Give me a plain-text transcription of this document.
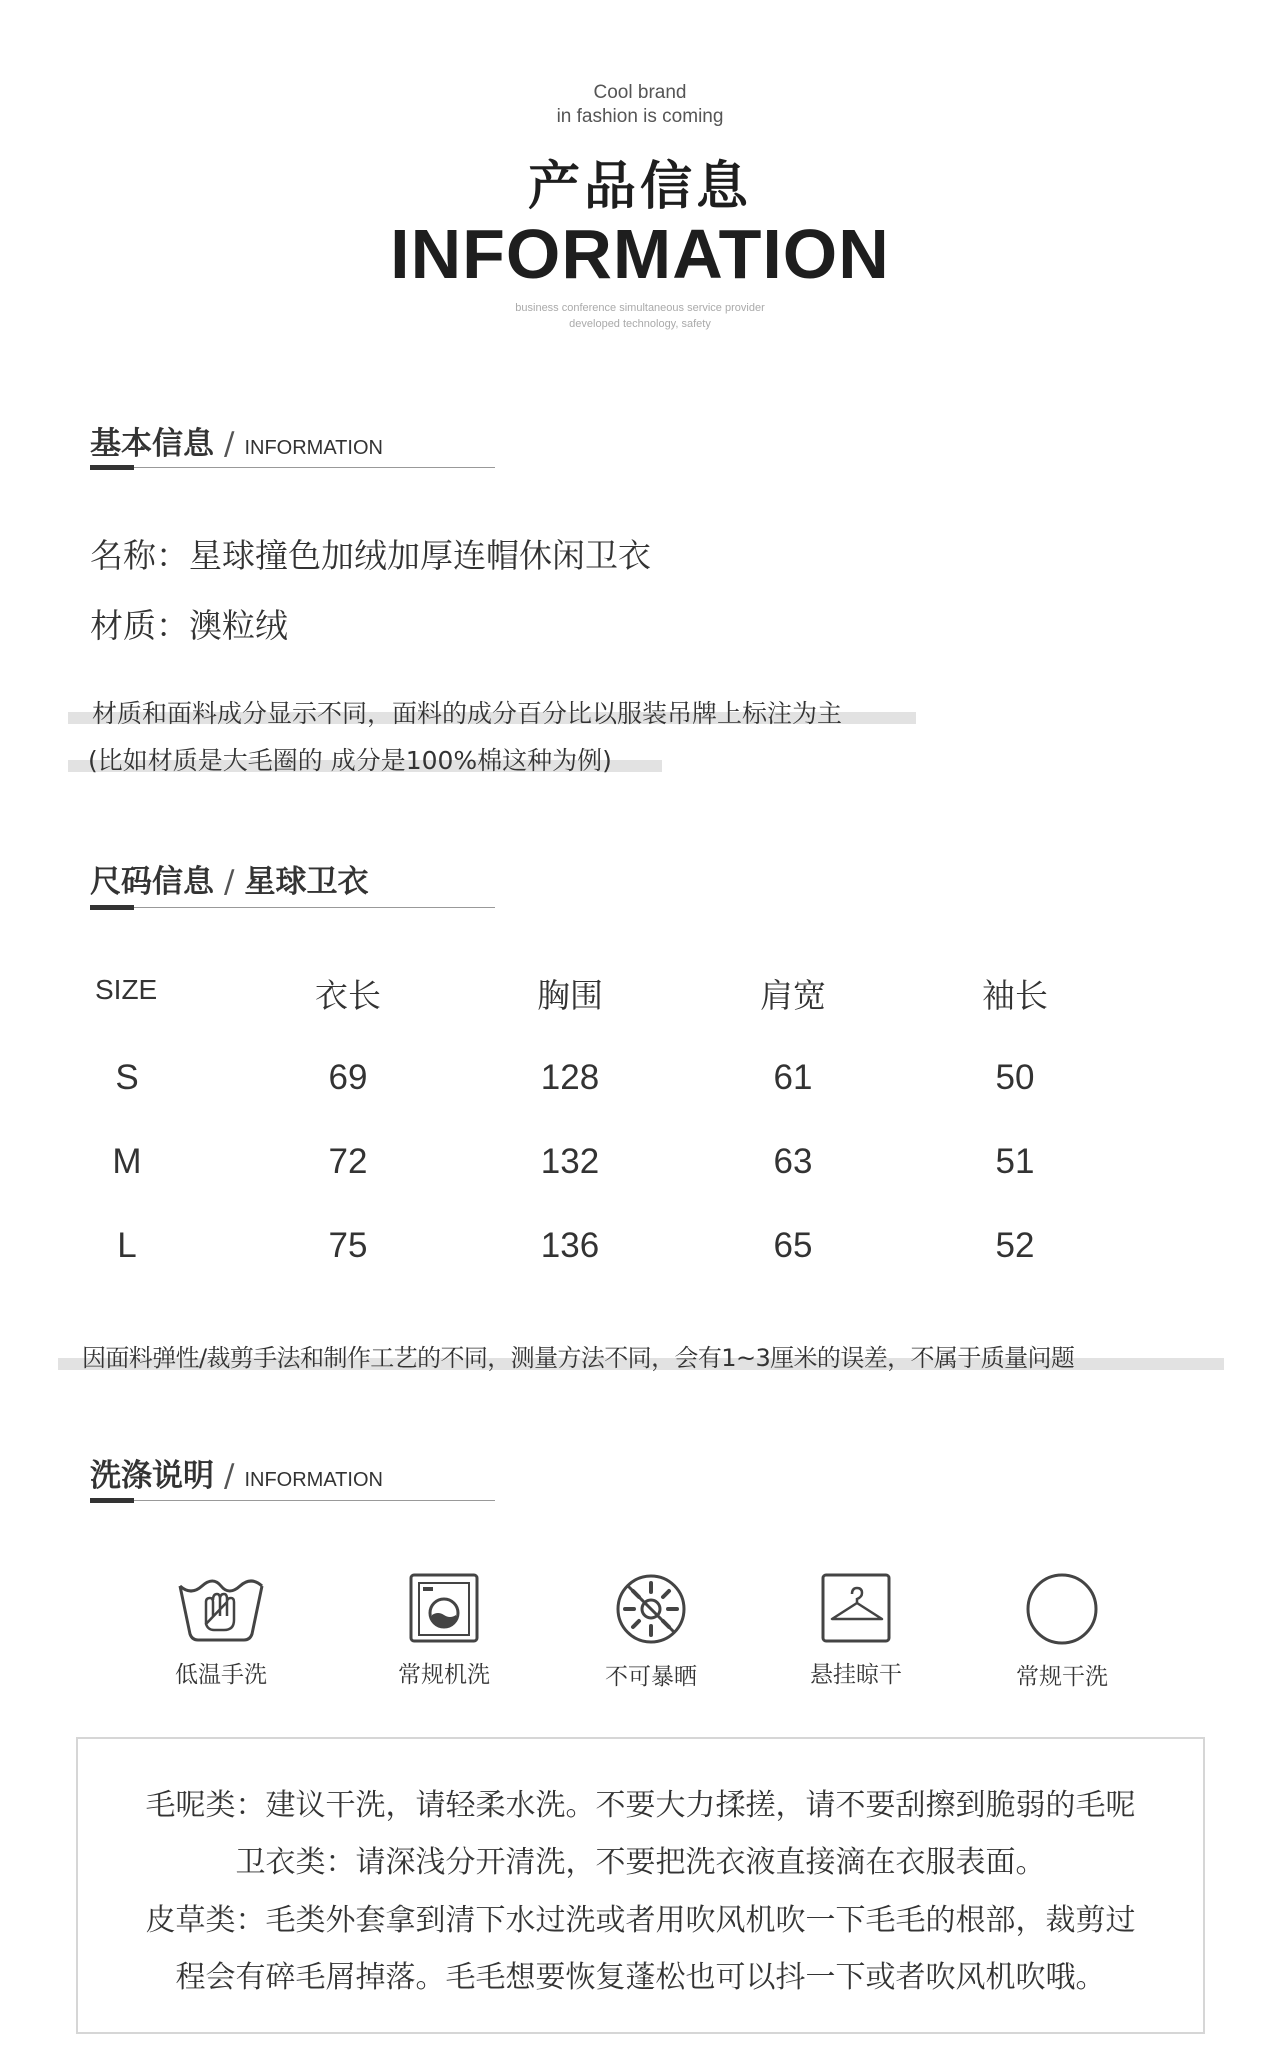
Cool brand
in fashion is coming
产品信息
INFORMATION
business conference simultaneous service provider
developed technology, safety
基本信息 / INFORMATION
名称：星球撞色加绒加厚连帽休闲卫衣
材质：澳粒绒
材质和面料成分显示不同，面料的成分百分比以服装吊牌上标注为主
(比如材质是大毛圈的 成分是100%棉这种为例)
尺码信息 / 星球卫衣
SIZE	衣长	胸围	肩宽	袖长
S	69	128	61	50
M	72	132	63	51
L	75	136	65	52
因面料弹性/裁剪手法和制作工艺的不同，测量方法不同，会有1~3厘米的误差，不属于质量问题
洗涤说明 / INFORMATION
低温手洗	常规机洗	不可暴晒	悬挂晾干	常规干洗
毛呢类：建议干洗，请轻柔水洗。不要大力揉搓，请不要刮擦到脆弱的毛呢
卫衣类：请深浅分开清洗，不要把洗衣液直接滴在衣服表面。
皮草类：毛类外套拿到清下水过洗或者用吹风机吹一下毛毛的根部，裁剪过
程会有碎毛屑掉落。毛毛想要恢复蓬松也可以抖一下或者吹风机吹哦。
